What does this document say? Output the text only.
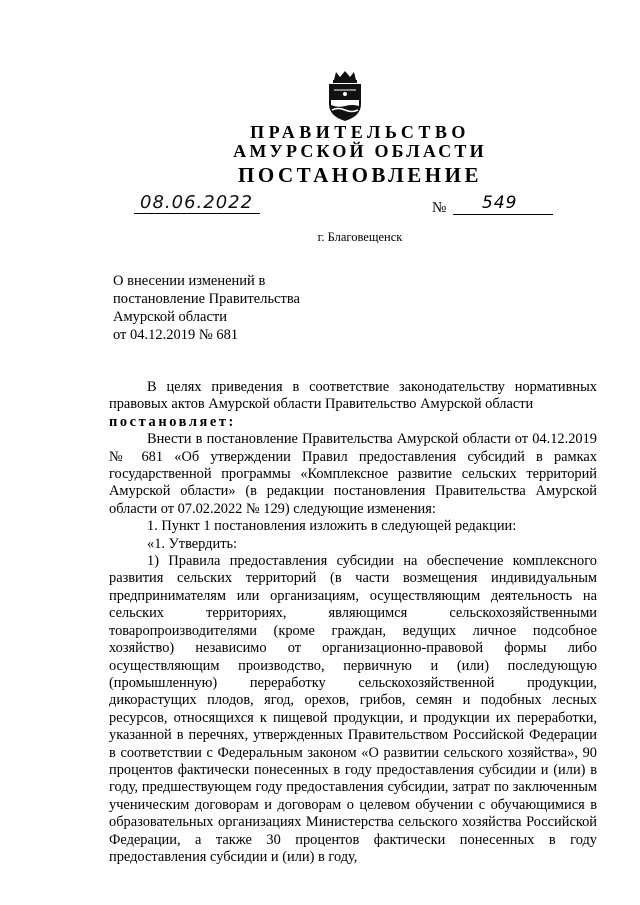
ПРАВИТЕЛЬСТВО
АМУРСКОЙ ОБЛАСТИ
ПОСТАНОВЛЕНИЕ
08.06.2022	№ 549
г. Благовещенск
О внесении изменений в
постановление Правительства
Амурской области
от 04.12.2019 № 681

В целях приведения в соответствие законодательству нормативных правовых актов Амурской области Правительство Амурской области

постановляет:

Внести в постановление Правительства Амурской области от 04.12.2019 № 681 «Об утверждении Правил предоставления субсидий в рамках государственной программы «Комплексное развитие сельских территорий Амурской области» (в редакции постановления Правительства Амурской области от 07.02.2022 № 129) следующие изменения:

1. Пункт 1 постановления изложить в следующей редакции:

«1. Утвердить:

1) Правила предоставления субсидии на обеспечение комплексного развития сельских территорий (в части возмещения индивидуальным предпринимателям или организациям, осуществляющим деятельность на сельских территориях, являющимся сельскохозяйственными товаропроизводителями (кроме граждан, ведущих личное подсобное хозяйство) независимо от организационно-правовой формы либо осуществляющим производство, первичную и (или) последующую (промышленную) переработку сельскохозяйственной продукции, дикорастущих плодов, ягод, орехов, грибов, семян и подобных лесных ресурсов, относящихся к пищевой продукции, и продукции их переработки, указанной в перечнях, утвержденных Правительством Российской Федерации в соответствии с Федеральным законом «О развитии сельского хозяйства», 90 процентов фактически понесенных в году предоставления субсидии и (или) в году, предшествующем году предоставления субсидии, затрат по заключенным ученическим договорам и договорам о целевом обучении с обучающимися в образовательных организациях Министерства сельского хозяйства Российской Федерации, а также 30 процентов фактически понесенных в году предоставления субсидии и (или) в году,
